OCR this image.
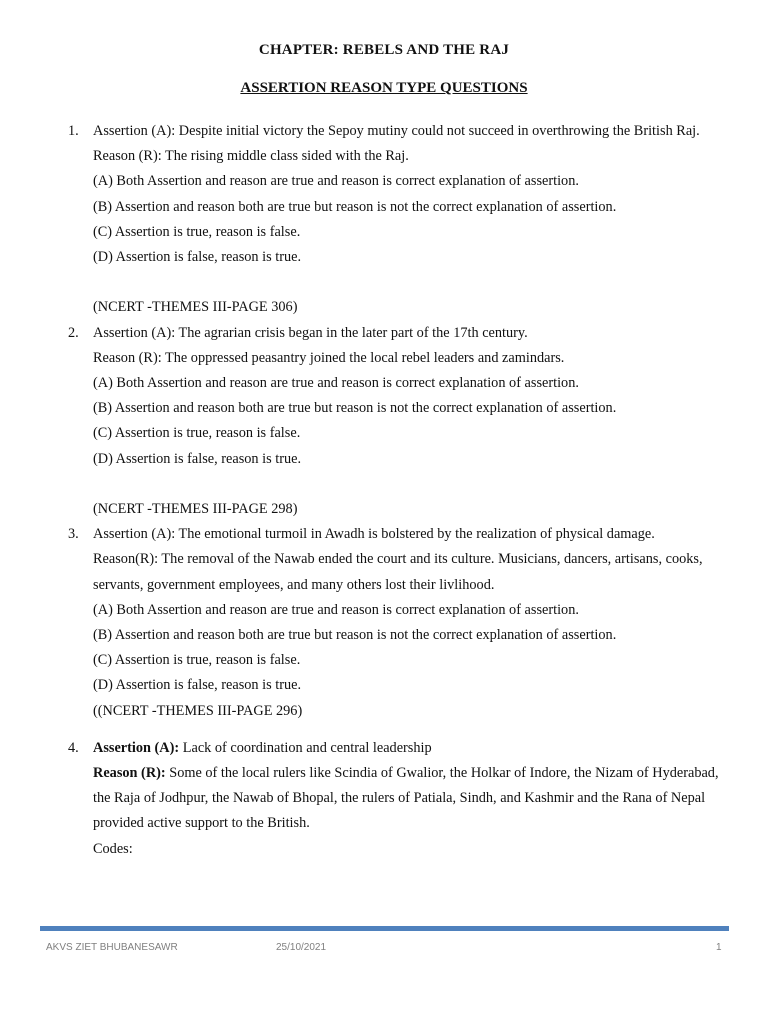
CHAPTER: REBELS AND THE RAJ
ASSERTION REASON TYPE QUESTIONS
1. Assertion (A): Despite initial victory the Sepoy mutiny could not succeed in overthrowing the British Raj.
Reason (R): The rising middle class sided with the Raj.
(A) Both Assertion and reason are true and reason is correct explanation of assertion.
(B) Assertion and reason both are true but reason is not the correct explanation of assertion.
(C) Assertion is true, reason is false.
(D) Assertion is false, reason is true.
(NCERT -THEMES III-PAGE 306)
2. Assertion (A): The agrarian crisis began in the later part of the 17th century.
Reason (R): The oppressed peasantry joined the local rebel leaders and zamindars.
(A) Both Assertion and reason are true and reason is correct explanation of assertion.
(B) Assertion and reason both are true but reason is not the correct explanation of assertion.
(C) Assertion is true, reason is false.
(D) Assertion is false, reason is true.
(NCERT -THEMES III-PAGE 298)
3. Assertion (A): The emotional turmoil in Awadh is bolstered by the realization of physical damage.
Reason(R): The removal of the Nawab ended the court and its culture. Musicians, dancers, artisans, cooks, servants, government employees, and many others lost their livlihood.
(A) Both Assertion and reason are true and reason is correct explanation of assertion.
(B) Assertion and reason both are true but reason is not the correct explanation of assertion.
(C) Assertion is true, reason is false.
(D) Assertion is false, reason is true.
((NCERT -THEMES III-PAGE 296)
4. Assertion (A): Lack of coordination and central leadership
Reason (R): Some of the local rulers like Scindia of Gwalior, the Holkar of Indore, the Nizam of Hyderabad, the Raja of Jodhpur, the Nawab of Bhopal, the rulers of Patiala, Sindh, and Kashmir and the Rana of Nepal provided active support to the British.
Codes:
AKVS ZIET BHUBANESAWR	25/10/2021	1
